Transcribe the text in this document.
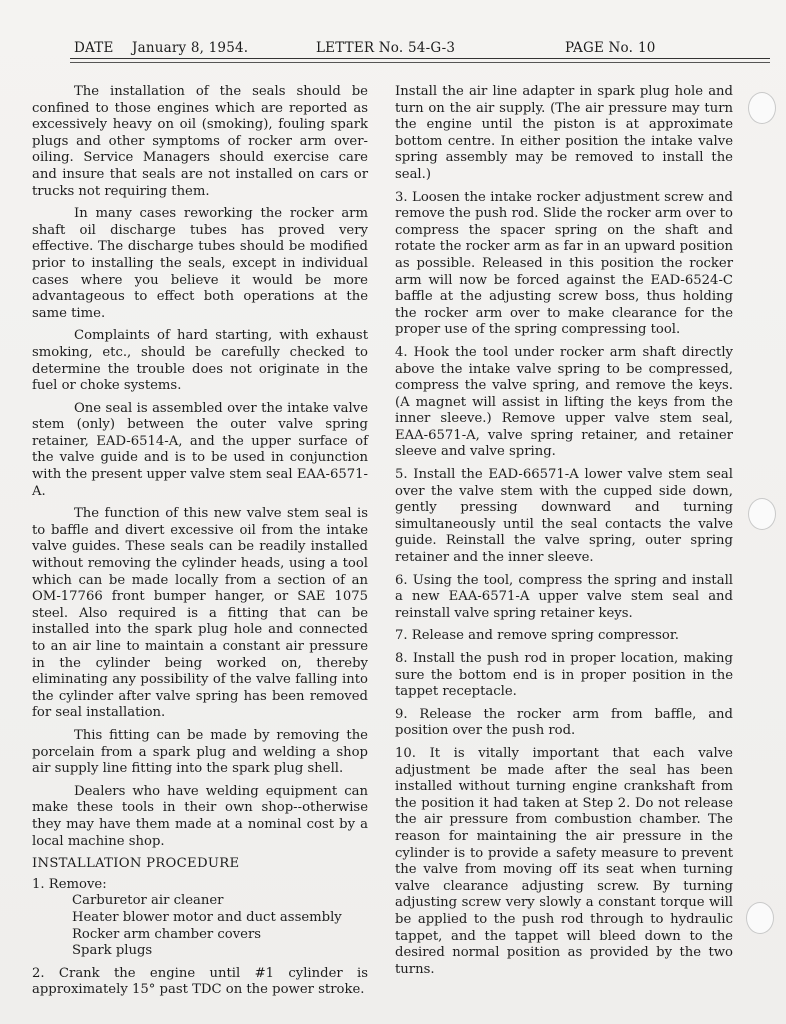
DATE January 8, 1954.	LETTER No. 54-G-3	PAGE No. 10

The installation of the seals should be confined to those engines which are reported as excessively heavy on oil (smoking), fouling spark plugs and other symptoms of rocker arm over-oiling. Service Managers should exercise care and insure that seals are not installed on cars or trucks not requiring them.

In many cases reworking the rocker arm shaft oil discharge tubes has proved very effective. The discharge tubes should be modified prior to installing the seals, except in individual cases where you believe it would be more advantageous to effect both operations at the same time.

Complaints of hard starting, with exhaust smoking, etc., should be carefully checked to determine the trouble does not originate in the fuel or choke systems.

One seal is assembled over the intake valve stem (only) between the outer valve spring retainer, EAD-6514-A, and the upper surface of the valve guide and is to be used in conjunction with the present upper valve stem seal EAA-6571-A.

The function of this new valve stem seal is to baffle and divert excessive oil from the intake valve guides. These seals can be readily installed without removing the cylinder heads, using a tool which can be made locally from a section of an OM-17766 front bumper hanger, or SAE 1075 steel. Also required is a fitting that can be installed into the spark plug hole and connected to an air line to maintain a constant air pressure in the cylinder being worked on, thereby eliminating any possibility of the valve falling into the cylinder after valve spring has been removed for seal installation.

This fitting can be made by removing the porcelain from a spark plug and welding a shop air supply line fitting into the spark plug shell.

Dealers who have welding equipment can make these tools in their own shop--otherwise they may have them made at a nominal cost by a local machine shop.

INSTALLATION PROCEDURE
1. Remove:
Carburetor air cleaner
Heater blower motor and duct assembly
Rocker arm chamber covers
Spark plugs

2. Crank the engine until #1 cylinder is approximately 15° past TDC on the power stroke.

Install the air line adapter in spark plug hole and turn on the air supply. (The air pressure may turn the engine until the piston is at approximate bottom centre. In either position the intake valve spring assembly may be removed to install the seal.)

3. Loosen the intake rocker adjustment screw and remove the push rod. Slide the rocker arm over to compress the spacer spring on the shaft and rotate the rocker arm as far in an upward position as possible. Released in this position the rocker arm will now be forced against the EAD-6524-C baffle at the adjusting screw boss, thus holding the rocker arm over to make clearance for the proper use of the spring compressing tool.

4. Hook the tool under rocker arm shaft directly above the intake valve spring to be compressed, compress the valve spring, and remove the keys. (A magnet will assist in lifting the keys from the inner sleeve.) Remove upper valve stem seal, EAA-6571-A, valve spring retainer, and retainer sleeve and valve spring.

5. Install the EAD-66571-A lower valve stem seal over the valve stem with the cupped side down, gently pressing downward and turning simultaneously until the seal contacts the valve guide. Reinstall the valve spring, outer spring retainer and the inner sleeve.

6. Using the tool, compress the spring and install a new EAA-6571-A upper valve stem seal and reinstall valve spring retainer keys.

7. Release and remove spring compressor.

8. Install the push rod in proper location, making sure the bottom end is in proper position in the tappet receptacle.

9. Release the rocker arm from baffle, and position over the push rod.

10. It is vitally important that each valve adjustment be made after the seal has been installed without turning engine crankshaft from the position it had taken at Step 2. Do not release the air pressure from combustion chamber. The reason for maintaining the air pressure in the cylinder is to provide a safety measure to prevent the valve from moving off its seat when turning valve clearance adjusting screw. By turning adjusting screw very slowly a constant torque will be applied to the push rod through to hydraulic tappet, and the tappet will bleed down to the desired normal position as provided by the two turns.
